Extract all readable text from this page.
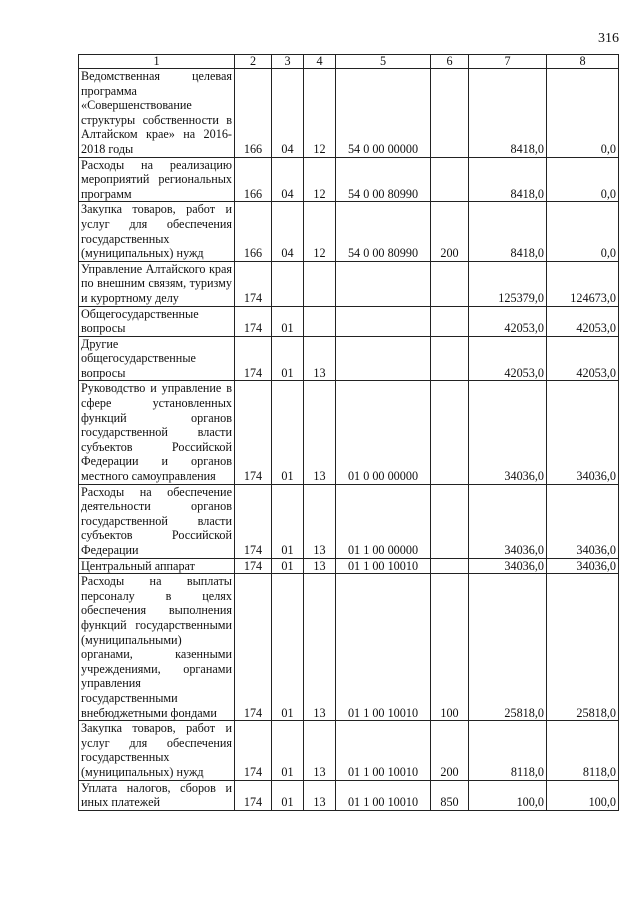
316
1	2	3	4	5	6	7	8
Ведомственная целевая программа «Совершенствование структуры собственности в Алтайском крае» на 2016-2018 годы	166	04	12	54 0 00 00000		8418,0	0,0
Расходы на реализацию мероприятий региональных программ	166	04	12	54 0 00 80990		8418,0	0,0
Закупка товаров, работ и услуг для обеспечения государственных (муниципальных) нужд	166	04	12	54 0 00 80990	200	8418,0	0,0
Управление Алтайского края по внешним связям, туризму и курортному делу	174					125379,0	124673,0
Общегосударственные вопросы	174	01				42053,0	42053,0
Другие общегосударственные вопросы	174	01	13			42053,0	42053,0
Руководство и управление в сфере установленных функций органов государственной власти субъектов Российской Федерации и органов местного самоуправления	174	01	13	01 0 00 00000		34036,0	34036,0
Расходы на обеспечение деятельности органов государственной власти субъектов Российской Федерации	174	01	13	01 1 00 00000		34036,0	34036,0
Центральный аппарат	174	01	13	01 1 00 10010		34036,0	34036,0
Расходы на выплаты персоналу в целях обеспечения выполнения функций государственными (муниципальными) органами, казенными учреждениями, органами управления государственными внебюджетными фондами	174	01	13	01 1 00 10010	100	25818,0	25818,0
Закупка товаров, работ и услуг для обеспечения государственных (муниципальных) нужд	174	01	13	01 1 00 10010	200	8118,0	8118,0
Уплата налогов, сборов и иных платежей	174	01	13	01 1 00 10010	850	100,0	100,0
